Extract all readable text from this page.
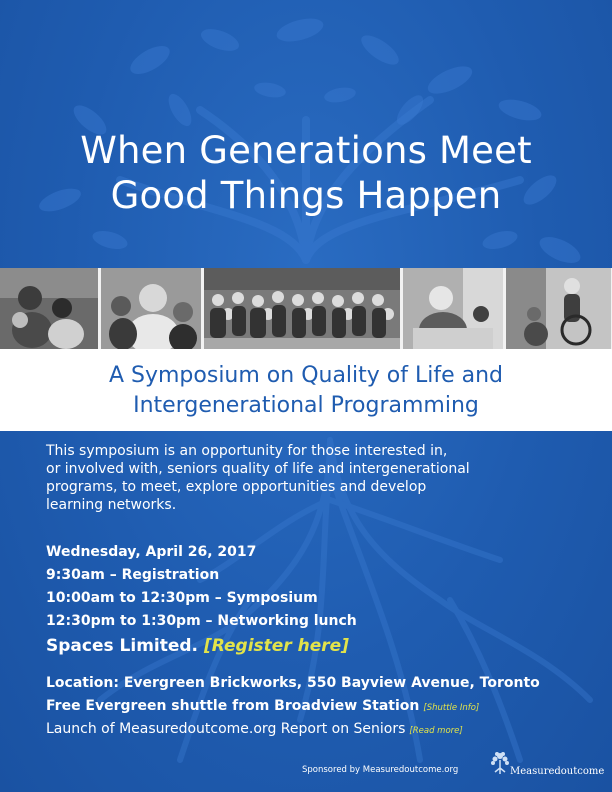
When Generations Meet
Good Things Happen
A Symposium on Quality of Life and
Intergenerational Programming
This symposium is an opportunity for those interested in,
or involved with, seniors quality of life and intergenerational
programs, to meet, explore opportunities and develop
learning networks.
Wednesday, April 26, 2017
9:30am – Registration
10:00am to 12:30pm – Symposium
12:30pm to 1:30pm – Networking lunch
Spaces Limited. [Register here]
Location: Evergreen Brickworks, 550 Bayview Avenue, Toronto
Free Evergreen shuttle from Broadview Station [Shuttle Info]
Launch of Measuredoutcome.org Report on Seniors [Read more]
Sponsored by Measuredoutcome.org	Measuredoutcome
